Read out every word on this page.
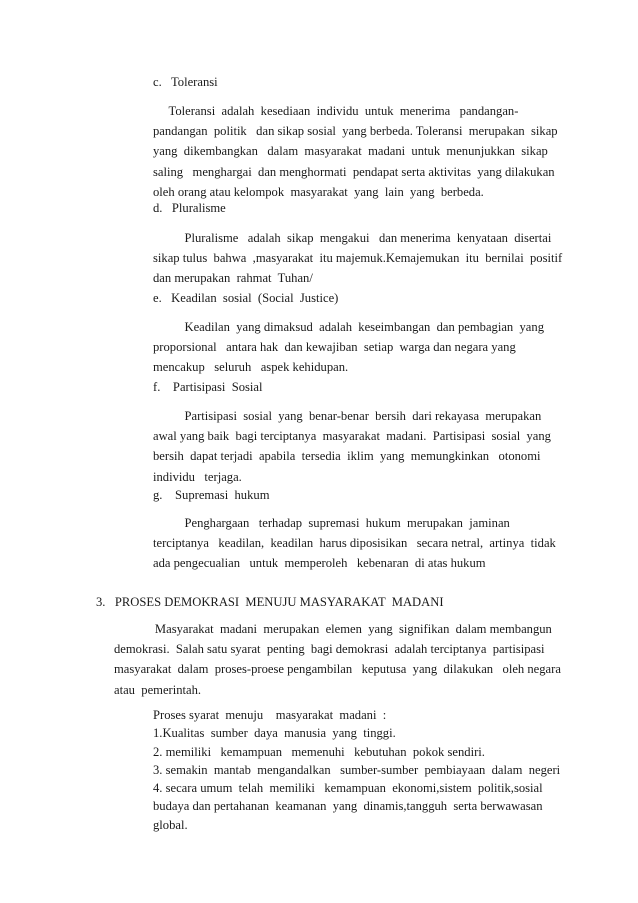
c.   Toleransi
Toleransi  adalah  kesediaan  individu  untuk  menerima   pandangan-
pandangan  politik   dan sikap sosial  yang berbeda. Toleransi  merupakan  sikap
yang  dikembangkan   dalam  masyarakat  madani  untuk  menunjukkan  sikap
saling   menghargai  dan menghormati  pendapat serta aktivitas  yang dilakukan
oleh orang atau kelompok  masyarakat  yang  lain  yang  berbeda.
d.   Pluralisme
Pluralisme   adalah  sikap  mengakui   dan menerima  kenyataan  disertai
sikap tulus  bahwa  ,masyarakat  itu majemuk.Kemajemukan  itu  bernilai  positif
dan merupakan  rahmat  Tuhan/
e.   Keadilan  sosial  (Social  Justice)
Keadilan  yang dimaksud  adalah  keseimbangan  dan pembagian  yang
proporsional   antara hak  dan kewajiban  setiap  warga dan negara yang
mencakup   seluruh   aspek kehidupan.
f.    Partisipasi  Sosial
Partisipasi  sosial  yang  benar-benar  bersih  dari rekayasa  merupakan
awal yang baik  bagi terciptanya  masyarakat  madani.  Partisipasi  sosial  yang
bersih  dapat terjadi  apabila  tersedia  iklim  yang  memungkinkan   otonomi
individu   terjaga.
g.    Supremasi  hukum
Penghargaan   terhadap  supremasi  hukum  merupakan  jaminan
terciptanya   keadilan,  keadilan  harus diposisikan   secara netral,  artinya  tidak
ada pengecualian   untuk  memperoleh   kebenaran  di atas hukum
3.   PROSES DEMOKRASI  MENUJU MASYARAKAT  MADANI
Masyarakat  madani  merupakan  elemen  yang  signifikan  dalam membangun
demokrasi.  Salah satu syarat  penting  bagi demokrasi  adalah terciptanya  partisipasi
masyarakat  dalam  proses-proese pengambilan   keputusa  yang  dilakukan   oleh negara
atau  pemerintah.
Proses syarat  menuju    masyarakat  madani  :
1.Kualitas  sumber  daya  manusia  yang  tinggi.
2. memiliki   kemampuan   memenuhi   kebutuhan  pokok sendiri.
3. semakin  mantab  mengandalkan   sumber-sumber  pembiayaan  dalam  negeri
4. secara umum  telah  memiliki   kemampuan  ekonomi,sistem  politik,sosial
budaya dan pertahanan  keamanan  yang  dinamis,tangguh  serta berwawasan
global.
